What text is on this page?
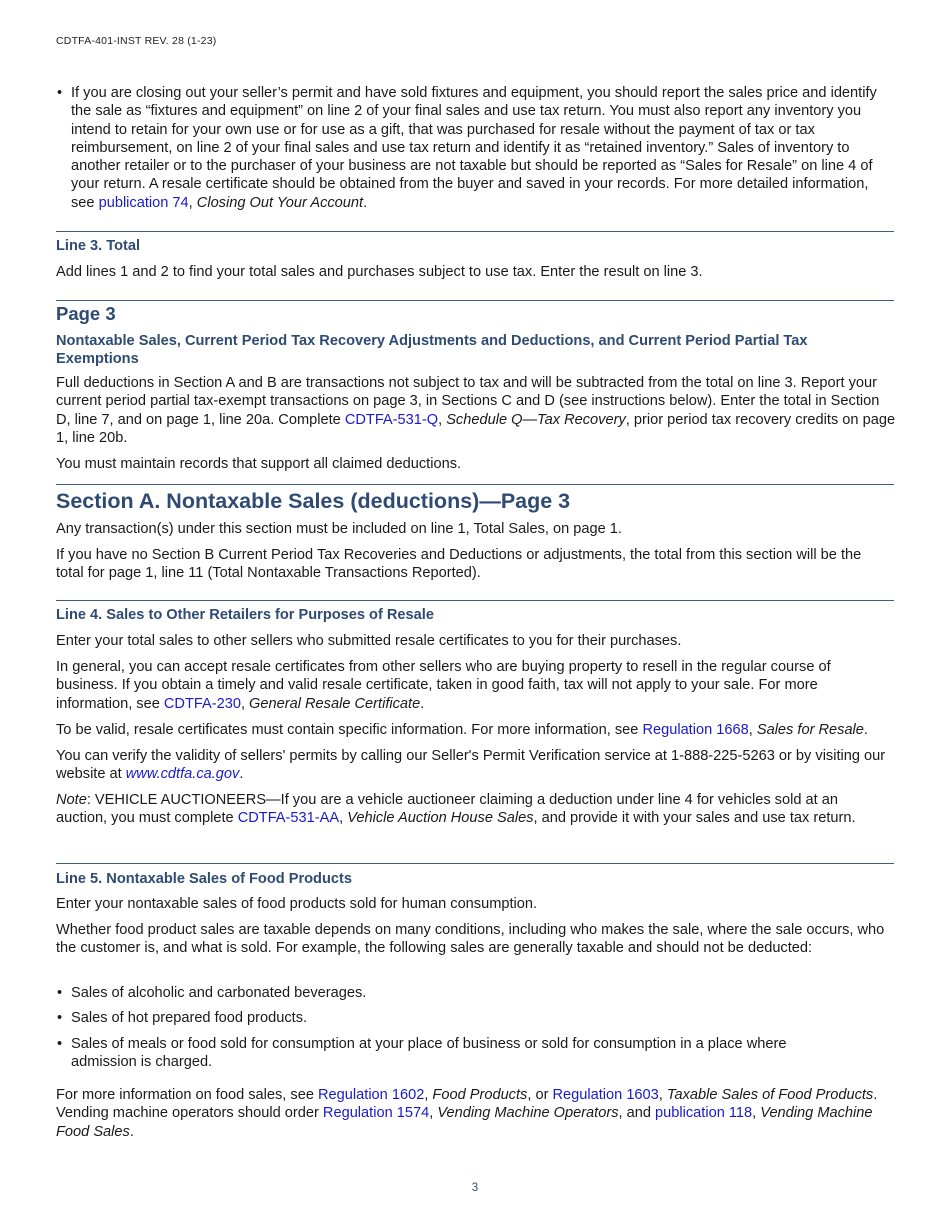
CDTFA-401-INST REV. 28 (1-23)
• If you are closing out your seller’s permit and have sold fixtures and equipment, you should report the sales price and identify the sale as “fixtures and equipment” on line 2 of your final sales and use tax return. You must also report any inventory you intend to retain for your own use or for use as a gift, that was purchased for resale without the payment of tax or tax reimbursement, on line 2 of your final sales and use tax return and identify it as “retained inventory.” Sales of inventory to another retailer or to the purchaser of your business are not taxable but should be reported as “Sales for Resale” on line 4 of your return. A resale certificate should be obtained from the buyer and saved in your records. For more detailed information, see publication 74, Closing Out Your Account.
Line 3. Total

Add lines 1 and 2 to find your total sales and purchases subject to use tax. Enter the result on line 3.

Page 3
Nontaxable Sales, Current Period Tax Recovery Adjustments and Deductions, and Current Period Partial Tax Exemptions

Full deductions in Section A and B are transactions not subject to tax and will be subtracted from the total on line 3. Report your current period partial tax-exempt transactions on page 3, in Sections C and D (see instructions below). Enter the total in Section D, line 7, and on page 1, line 20a. Complete CDTFA-531-Q, Schedule Q—Tax Recovery, prior period tax recovery credits on page 1, line 20b.

You must maintain records that support all claimed deductions.

Section A. Nontaxable Sales (deductions)—Page 3

Any transaction(s) under this section must be included on line 1, Total Sales, on page 1.

If you have no Section B Current Period Tax Recoveries and Deductions or adjustments, the total from this section will be the total for page 1, line 11 (Total Nontaxable Transactions Reported).

Line 4. Sales to Other Retailers for Purposes of Resale

Enter your total sales to other sellers who submitted resale certificates to you for their purchases.

In general, you can accept resale certificates from other sellers who are buying property to resell in the regular course of business. If you obtain a timely and valid resale certificate, taken in good faith, tax will not apply to your sale. For more information, see CDTFA-230, General Resale Certificate.

To be valid, resale certificates must contain specific information. For more information, see Regulation 1668, Sales for Resale.

You can verify the validity of sellers' permits by calling our Seller's Permit Verification service at 1-888-225-5263 or by visiting our website at www.cdtfa.ca.gov.

Note: VEHICLE AUCTIONEERS—If you are a vehicle auctioneer claiming a deduction under line 4 for vehicles sold at an auction, you must complete CDTFA-531-AA, Vehicle Auction House Sales, and provide it with your sales and use tax return.

Line 5. Nontaxable Sales of Food Products

Enter your nontaxable sales of food products sold for human consumption.

Whether food product sales are taxable depends on many conditions, including who makes the sale, where the sale occurs, who the customer is, and what is sold. For example, the following sales are generally taxable and should not be deducted:

• Sales of alcoholic and carbonated beverages.
• Sales of hot prepared food products.
• Sales of meals or food sold for consumption at your place of business or sold for consumption in a place where admission is charged.

For more information on food sales, see Regulation 1602, Food Products, or Regulation 1603, Taxable Sales of Food Products. Vending machine operators should order Regulation 1574, Vending Machine Operators, and publication 118, Vending Machine Food Sales.

3
